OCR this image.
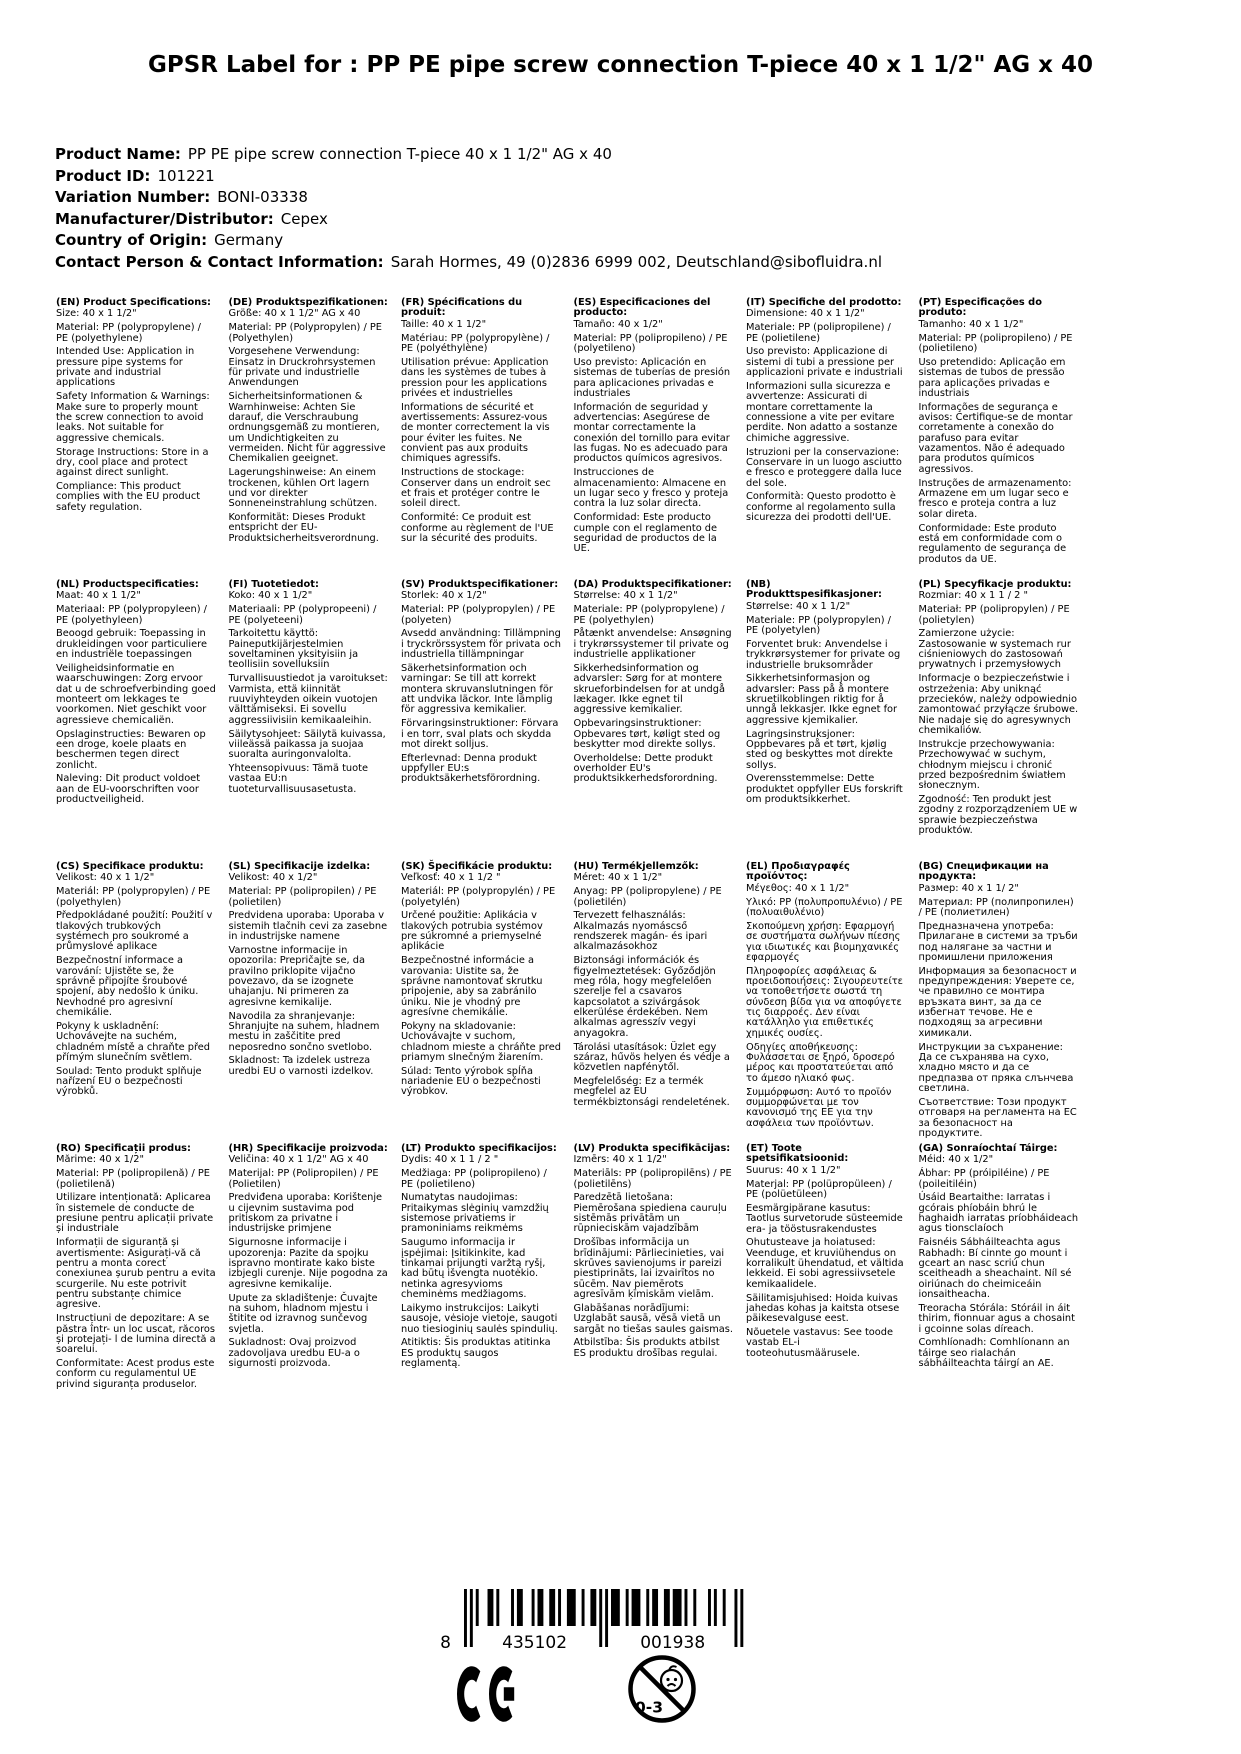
GPSR Label for : PP PE pipe screw connection T-piece 40 x 1 1/2" AG x 40
Product Name: PP PE pipe screw connection T-piece 40 x 1 1/2" AG x 40
Product ID: 101221
Variation Number: BONI-03338
Manufacturer/Distributor: Cepex
Country of Origin: Germany
Contact Person & Contact Information: Sarah Hormes, 49 (0)2836 6999 002, Deutschland@sibofluidra.nl

(EN) Product Specifications:

Size: 40 x 1 1/2"

Material: PP (polypropylene) / PE (polyethylene)

Intended Use: Application in pressure pipe systems for private and industrial applications

Safety Information & Warnings: Make sure to properly mount the screw connection to avoid leaks. Not suitable for aggressive chemicals.

Storage Instructions: Store in a dry, cool place and protect against direct sunlight.

Compliance: This product complies with the EU product safety regulation.

(DE) Produktspezifikationen:

Größe: 40 x 1 1/2" AG x 40

Material: PP (Polypropylen) / PE (Polyethylen)

Vorgesehene Verwendung: Einsatz in Druckrohrsystemen für private und industrielle Anwendungen

Sicherheitsinformationen & Warnhinweise: Achten Sie darauf, die Verschraubung ordnungsgemäß zu montieren, um Undichtigkeiten zu vermeiden. Nicht für aggressive Chemikalien geeignet.

Lagerungshinweise: An einem trockenen, kühlen Ort lagern und vor direkter Sonneneinstrahlung schützen.

Konformität: Dieses Produkt entspricht der EU-Produktsicherheitsverordnung.

(FR) Spécifications du produit:

Taille: 40 x 1 1/2"

Matériau: PP (polypropylène) / PE (polyéthylène)

Utilisation prévue: Application dans les systèmes de tubes à pression pour les applications privées et industrielles

Informations de sécurité et avertissements: Assurez-vous de monter correctement la vis pour éviter les fuites. Ne convient pas aux produits chimiques agressifs.

Instructions de stockage: Conserver dans un endroit sec et frais et protéger contre le soleil direct.

Conformité: Ce produit est conforme au règlement de l'UE sur la sécurité des produits.

(ES) Especificaciones del producto:

Tamaño: 40 x 1/2"

Material: PP (polipropileno) / PE (polyetileno)

Uso previsto: Aplicación en sistemas de tuberías de presión para aplicaciones privadas e industriales

Información de seguridad y advertencias: Asegúrese de montar correctamente la conexión del tornillo para evitar las fugas. No es adecuado para productos químicos agresivos.

Instrucciones de almacenamiento: Almacene en un lugar seco y fresco y proteja contra la luz solar directa.

Conformidad: Este producto cumple con el reglamento de seguridad de productos de la UE.

(IT) Specifiche del prodotto:

Dimensione: 40 x 1 1/2"

Materiale: PP (polipropilene) / PE (polietilene)

Uso previsto: Applicazione di sistemi di tubi a pressione per applicazioni private e industriali

Informazioni sulla sicurezza e avvertenze: Assicurati di montare correttamente la connessione a vite per evitare perdite. Non adatto a sostanze chimiche aggressive.

Istruzioni per la conservazione: Conservare in un luogo asciutto e fresco e proteggere dalla luce del sole.

Conformità: Questo prodotto è conforme al regolamento sulla sicurezza dei prodotti dell'UE.

(PT) Especificações do produto:

Tamanho: 40 x 1 1/2"

Material: PP (polipropileno) / PE (polietileno)

Uso pretendido: Aplicação em sistemas de tubos de pressão para aplicações privadas e industriais

Informações de segurança e avisos: Certifique-se de montar corretamente a conexão do parafuso para evitar vazamentos. Não é adequado para produtos químicos agressivos.

Instruções de armazenamento: Armazene em um lugar seco e fresco e proteja contra a luz solar direta.

Conformidade: Este produto está em conformidade com o regulamento de segurança de produtos da UE.

(NL) Productspecificaties:

Maat: 40 x 1 1/2"

Materiaal: PP (polypropyleen) / PE (polyethyleen)

Beoogd gebruik: Toepassing in drukleidingen voor particuliere en industriële toepassingen

Veiligheidsinformatie en waarschuwingen: Zorg ervoor dat u de schroefverbinding goed monteert om lekkages te voorkomen. Niet geschikt voor agressieve chemicaliën.

Opslaginstructies: Bewaren op een droge, koele plaats en beschermen tegen direct zonlicht.

Naleving: Dit product voldoet aan de EU-voorschriften voor productveiligheid.

(FI) Tuotetiedot:

Koko: 40 x 1 1/2"

Materiaali: PP (polypropeeni) / PE (polyeteeni)

Tarkoitettu käyttö: Paineputkijärjestelmien soveltaminen yksityisiin ja teollisiin sovelluksiin

Turvallisuustiedot ja varoitukset: Varmista, että kiinnität ruuviyhteyden oikein vuotojen välttämiseksi. Ei sovellu aggressiivisiin kemikaaleihin.

Säilytysohjeet: Säilytä kuivassa, viileässä paikassa ja suojaa suoralta auringonvalolta.

Yhteensopivuus: Tämä tuote vastaa EU:n tuoteturvallisuusasetusta.

(SV) Produktspecifikationer:

Storlek: 40 x 1/2"

Material: PP (polypropylen) / PE (polyeten)

Avsedd användning: Tillämpning i tryckrörssystem för privata och industriella tillämpningar

Säkerhetsinformation och varningar: Se till att korrekt montera skruvanslutningen för att undvika läckor. Inte lämplig för aggressiva kemikalier.

Förvaringsinstruktioner: Förvara i en torr, sval plats och skydda mot direkt solljus.

Efterlevnad: Denna produkt uppfyller EU:s produktsäkerhetsförordning.

(DA) Produktspecifikationer:

Størrelse: 40 x 1 1/2"

Materiale: PP (polypropylene) / PE (polyethylen)

Påtænkt anvendelse: Ansøgning i trykrørssystemer til private og industrielle applikationer

Sikkerhedsinformation og advarsler: Sørg for at montere skrueforbindelsen for at undgå lækager. Ikke egnet til aggressive kemikalier.

Opbevaringsinstruktioner: Opbevares tørt, køligt sted og beskytter mod direkte sollys.

Overholdelse: Dette produkt overholder EU's produktsikkerhedsforordning.

(NB) Produkttspesifikasjoner:

Størrelse: 40 x 1 1/2"

Materiale: PP (polypropylen) / PE (polyetylen)

Forventet bruk: Anvendelse i trykkrørsystemer for private og industrielle bruksområder

Sikkerhetsinformasjon og advarsler: Pass på å montere skruetilkoblingen riktig for å unngå lekkasjer. Ikke egnet for aggressive kjemikalier.

Lagringsinstruksjoner: Oppbevares på et tørt, kjølig sted og beskyttes mot direkte sollys.

Overensstemmelse: Dette produktet oppfyller EUs forskrift om produktsikkerhet.

(PL) Specyfikacje produktu:

Rozmiar: 40 x 1 1 / 2 "

Materiał: PP (polipropylen) / PE (polietylen)

Zamierzone użycie: Zastosowanie w systemach rur ciśnieniowych do zastosowań prywatnych i przemysłowych

Informacje o bezpieczeństwie i ostrzeżenia: Aby uniknąć przecieków, należy odpowiednio zamontować przyłącze śrubowe. Nie nadaje się do agresywnych chemikaliów.

Instrukcje przechowywania: Przechowywać w suchym, chłodnym miejscu i chronić przed bezpośrednim światłem słonecznym.

Zgodność: Ten produkt jest zgodny z rozporządzeniem UE w sprawie bezpieczeństwa produktów.

(CS) Specifikace produktu:

Velikost: 40 x 1 1/2"

Materiál: PP (polypropylen) / PE (polyethylen)

Předpokládané použití: Použití v tlakových trubkových systémech pro soukromé a průmyslové aplikace

Bezpečnostní informace a varování: Ujistěte se, že správně připojíte šroubové spojení, aby nedošlo k úniku. Nevhodné pro agresivní chemikálie.

Pokyny k uskladnění: Uchovávejte na suchém, chladném místě a chraňte před přímým slunečním světlem.

Soulad: Tento produkt splňuje nařízení EU o bezpečnosti výrobků.

(SL) Specifikacije izdelka:

Velikost: 40 x 1/2"

Material: PP (polipropilen) / PE (polietilen)

Predvidena uporaba: Uporaba v sistemih tlačnih cevi za zasebne in industrijske namene

Varnostne informacije in opozorila: Prepričajte se, da pravilno priklopite vijačno povezavo, da se izognete uhajanju. Ni primeren za agresivne kemikalije.

Navodila za shranjevanje: Shranjujte na suhem, hladnem mestu in zaščitite pred neposredno sončno svetlobo.

Skladnost: Ta izdelek ustreza uredbi EU o varnosti izdelkov.

(SK) Špecifikácie produktu:

Veľkosť: 40 x 1 1/2 "

Materiál: PP (polypropylén) / PE (polyetylén)

Určené použitie: Aplikácia v tlakových potrubia systémov pre súkromné a priemyselné aplikácie

Bezpečnostné informácie a varovania: Uistite sa, že správne namontovať skrutku pripojenie, aby sa zabránilo úniku. Nie je vhodný pre agresívne chemikálie.

Pokyny na skladovanie: Uchovávajte v suchom, chladnom mieste a chráňte pred priamym slnečným žiarením.

Súlad: Tento výrobok spĺňa nariadenie EÚ o bezpečnosti výrobkov.

(HU) Termékjellemzők:

Méret: 40 x 1 1/2"

Anyag: PP (polipropylene) / PE (polietilén)

Tervezett felhasználás: Alkalmazás nyomáscső rendszerek magán- és ipari alkalmazásokhoz

Biztonsági információk és figyelmeztetések: Győződjön meg róla, hogy megfelelően szerelje fel a csavaros kapcsolatot a szivárgások elkerülése érdekében. Nem alkalmas agresszív vegyi anyagokra.

Tárolási utasítások: Üzlet egy száraz, hűvös helyen és védje a közvetlen napfénytől.

Megfelelőség: Ez a termék megfelel az EU termékbiztonsági rendeletének.

(EL) Προδιαγραφές προϊόντος:

Μέγεθος: 40 x 1 1/2"

Υλικό: PP (πολυπροπυλένιο) / PE (πολυαιθυλένιο)

Σκοπούμενη χρήση: Εφαρμογή σε συστήματα σωλήνων πίεσης για ιδιωτικές και βιομηχανικές εφαρμογές

Πληροφορίες ασφάλειας & προειδοποιήσεις: Σιγουρευτείτε να τοποθετήσετε σωστά τη σύνδεση βίδα για να αποφύγετε τις διαρροές. Δεν είναι κατάλληλο για επιθετικές χημικές ουσίες.

Οδηγίες αποθήκευσης: Φυλάσσεται σε ξηρό, δροσερό μέρος και προστατεύεται από το άμεσο ηλιακό φως.

Συμμόρφωση: Αυτό το προϊόν συμμορφώνεται με τον κανονισμό της ΕΕ για την ασφάλεια των προϊόντων.

(BG) Спецификации на продукта:

Размер: 40 x 1 1/ 2"

Материал: PP (полипропилен) / PE (полиетилен)

Предназначена употреба: Прилагане в системи за тръби под налягане за частни и промишлени приложения

Информация за безопасност и предупреждения: Уверете се, че правилно се монтира връзката винт, за да се избегнат течове. Не е подходящ за агресивни химикали.

Инструкции за съхранение: Да се съхранява на сухо, хладно място и да се предпазва от пряка слънчева светлина.

Съответствие: Този продукт отговаря на регламента на ЕС за безопасност на продуктите.

(RO) Specificații produs:

Mărime: 40 x 1/2"

Material: PP (polipropilenă) / PE (polietilenă)

Utilizare intenționată: Aplicarea în sistemele de conducte de presiune pentru aplicații private și industriale

Informații de siguranță și avertismente: Asigurați-vă că pentru a monta corect conexiunea șurub pentru a evita scurgerile. Nu este potrivit pentru substanțe chimice agresive.

Instrucțiuni de depozitare: A se păstra într- un loc uscat, răcoros și protejați- l de lumina directă a soarelui.

Conformitate: Acest produs este conform cu regulamentul UE privind siguranța produselor.

(HR) Specifikacije proizvoda:

Veličina: 40 x 1 1/2" AG x 40

Materijal: PP (Polipropilen) / PE (Polietilen)

Predviđena uporaba: Korištenje u cijevnim sustavima pod pritiskom za privatne i industrijske primjene

Sigurnosne informacije i upozorenja: Pazite da spojku ispravno montirate kako biste izbjegli curenje. Nije pogodna za agresivne kemikalije.

Upute za skladištenje: Čuvajte na suhom, hladnom mjestu i štitite od izravnog sunčevog svjetla.

Sukladnost: Ovaj proizvod zadovoljava uredbu EU-a o sigurnosti proizvoda.

(LT) Produkto specifikacijos:

Dydis: 40 x 1 1 / 2 "

Medžiaga: PP (polipropileno) / PE (polietileno)

Numatytas naudojimas: Pritaikymas slėginių vamzdžių sistemose privatiems ir pramoniniams reikmėms

Saugumo informacija ir įspėjimai: Įsitikinkite, kad tinkamai prijungti varžtą ryšį, kad būtų išvengta nuotėkio. netinka agresyvioms cheminėms medžiagoms.

Laikymo instrukcijos: Laikyti sausoje, vėsioje vietoje, saugoti nuo tiesioginių saulės spindulių.

Atitiktis: Šis produktas atitinka ES produktų saugos reglamentą.

(LV) Produkta specifikācijas:

Izmērs: 40 x 1 1/2"

Materiāls: PP (polipropilēns) / PE (polietilēns)

Paredzētā lietošana: Piemērošana spiediena cauruļu sistēmās privātām un rūpnieciskām vajadzībām

Drošības informācija un brīdinājumi: Pārliecinieties, vai skrūves savienojums ir pareizi piestiprināts, lai izvairītos no sūcēm. Nav piemērots agresīvām ķīmiskām vielām.

Glabāšanas norādījumi: Uzglabāt sausā, vēsā vietā un sargāt no tiešas saules gaismas.

Atbilstība: Šis produkts atbilst ES produktu drošības regulai.

(ET) Toote spetsifikatsioonid:

Suurus: 40 x 1 1/2"

Materjal: PP (polüpropüleen) / PE (polüetüleen)

Eesmärgipärane kasutus: Taotlus survetorude süsteemide era- ja tööstusrakendustes

Ohutusteave ja hoiatused: Veenduge, et kruviühendus on korralikult ühendatud, et vältida lekkeid. Ei sobi agressiivsetele kemikaalidele.

Säilitamisjuhised: Hoida kuivas jahedas kohas ja kaitsta otsese päikesevalguse eest.

Nõuetele vastavus: See toode vastab EL-i tooteohutusmäärusele.

(GA) Sonraíochtaí Táirge:

Méid: 40 x 1/2"

Ábhar: PP (próipiléine) / PE (poileitiléin)

Úsáid Beartaithe: Iarratas i gcórais phíobáin bhrú le haghaidh iarratas príobháideach agus tionsclaíoch

Faisnéis Sábháilteachta agus Rabhadh: Bí cinnte go mount i gceart an nasc scriú chun sceitheadh a sheachaint. Níl sé oiriúnach do cheimiceáin ionsaitheacha.

Treoracha Stórála: Stóráil in áit thirim, fionnuar agus a chosaint i gcoinne solas díreach.

Comhlíonadh: Comhlíonann an táirge seo rialachán sábháilteachta táirgí an AE.

8	435102	001938
0-3
